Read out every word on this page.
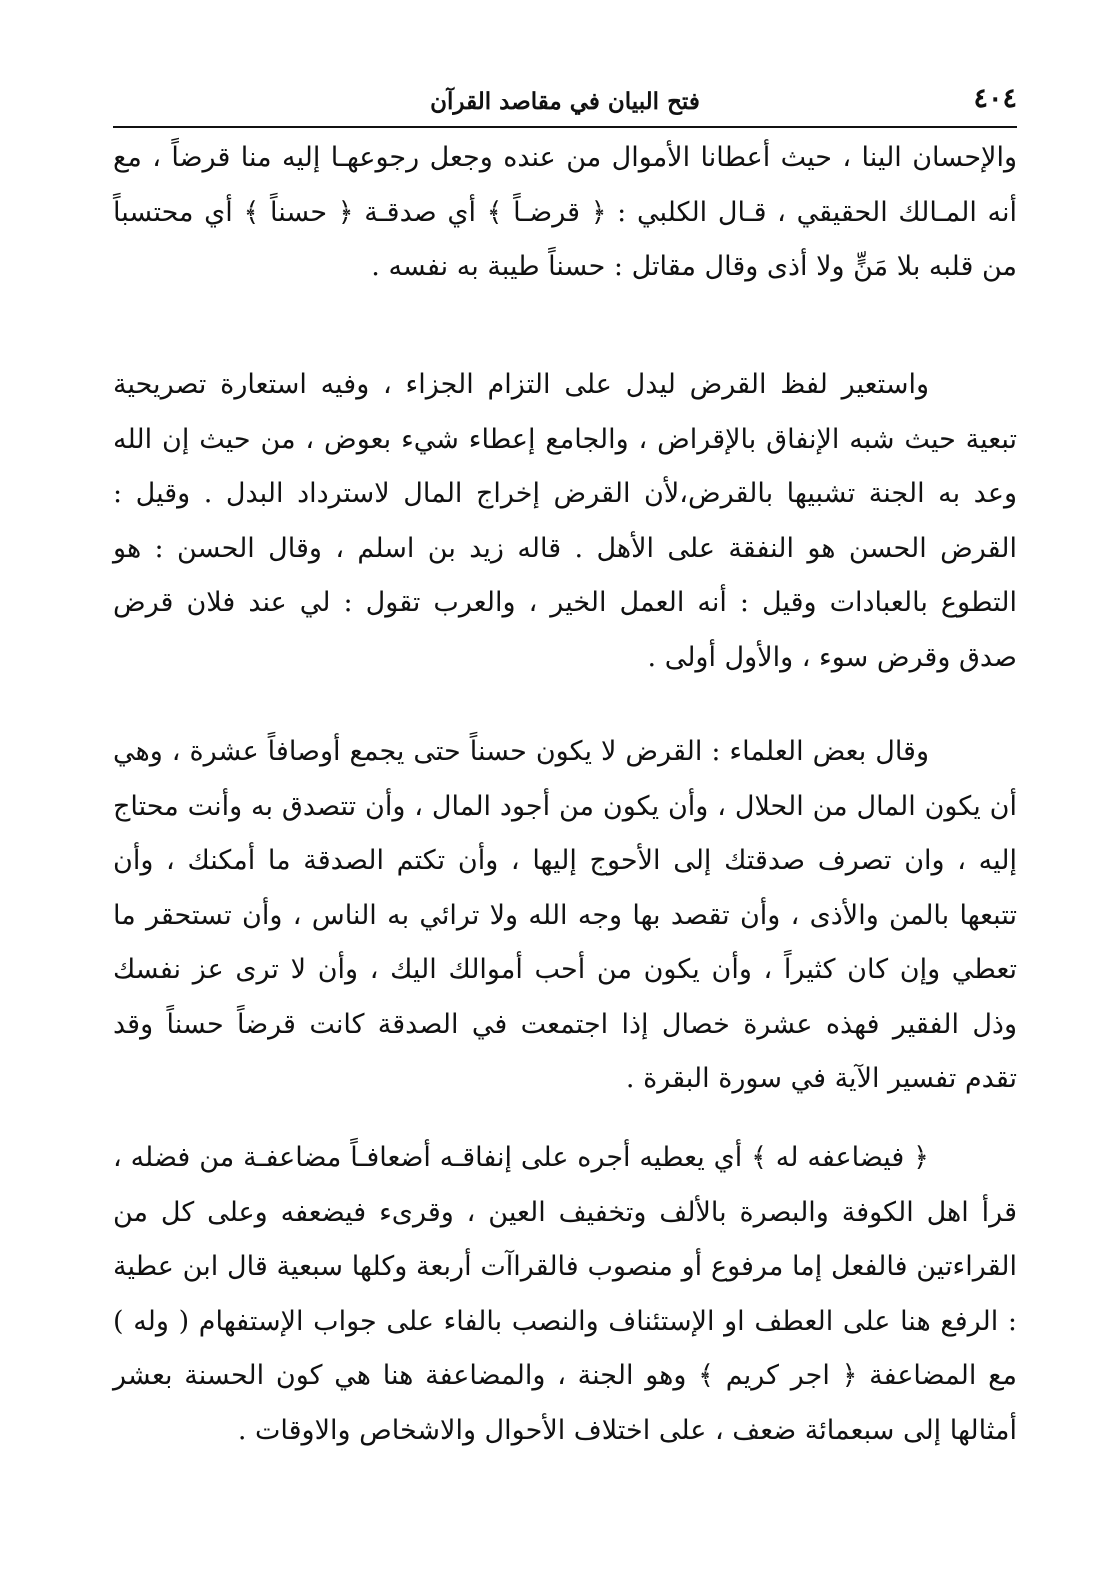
٤٠٤
فتح البيان في مقاصد القرآن

والإحسان الينا ، حيث أعطانا الأموال من عنده وجعل رجوعهـا إليه منا قرضاً ، مع أنه المـالك الحقيقي ، قـال الكلبي : ﴿ قرضـاً ﴾ أي صدقـة ﴿ حسناً ﴾ أي محتسباً من قلبه بلا مَنٍّ ولا أذى وقال مقاتل : حسناً طيبة به نفسه .

واستعير لفظ القرض ليدل على التزام الجزاء ، وفيه استعارة تصريحية تبعية حيث شبه الإنفاق بالإقراض ، والجامع إعطاء شيء بعوض ، من حيث إن الله وعد به الجنة تشبيها بالقرض،لأن القرض إخراج المال لاسترداد البدل . وقيل : القرض الحسن هو النفقة على الأهل . قاله زيد بن اسلم ، وقال الحسن : هو التطوع بالعبادات وقيل : أنه العمل الخير ، والعرب تقول : لي عند فلان قرض صدق وقرض سوء ، والأول أولى .

وقال بعض العلماء : القرض لا يكون حسناً حتى يجمع أوصافاً عشرة ، وهي أن يكون المال من الحلال ، وأن يكون من أجود المال ، وأن تتصدق به وأنت محتاج إليه ، وان تصرف صدقتك إلى الأحوج إليها ، وأن تكتم الصدقة ما أمكنك ، وأن تتبعها بالمن والأذى ، وأن تقصد بها وجه الله ولا ترائي به الناس ، وأن تستحقر ما تعطي وإن كان كثيراً ، وأن يكون من أحب أموالك اليك ، وأن لا ترى عز نفسك وذل الفقير فهذه عشرة خصال إذا اجتمعت في الصدقة كانت قرضاً حسناً وقد تقدم تفسير الآية في سورة البقرة .

﴿ فيضاعفه له ﴾ أي يعطيه أجره على إنفاقـه أضعافـاً مضاعفـة من فضله ، قرأ اهل الكوفة والبصرة بالألف وتخفيف العين ، وقرىء فيضعفه وعلى كل من القراءتين فالفعل إما مرفوع أو منصوب فالقراآت أربعة وكلها سبعية قال ابن عطية : الرفع هنا على العطف او الإستئناف والنصب بالفاء على جواب الإستفهام ( وله ) مع المضاعفة ﴿ اجر كريم ﴾ وهو الجنة ، والمضاعفة هنا هي كون الحسنة بعشر أمثالها إلى سبعمائة ضعف ، على اختلاف الأحوال والاشخاص والاوقات .
